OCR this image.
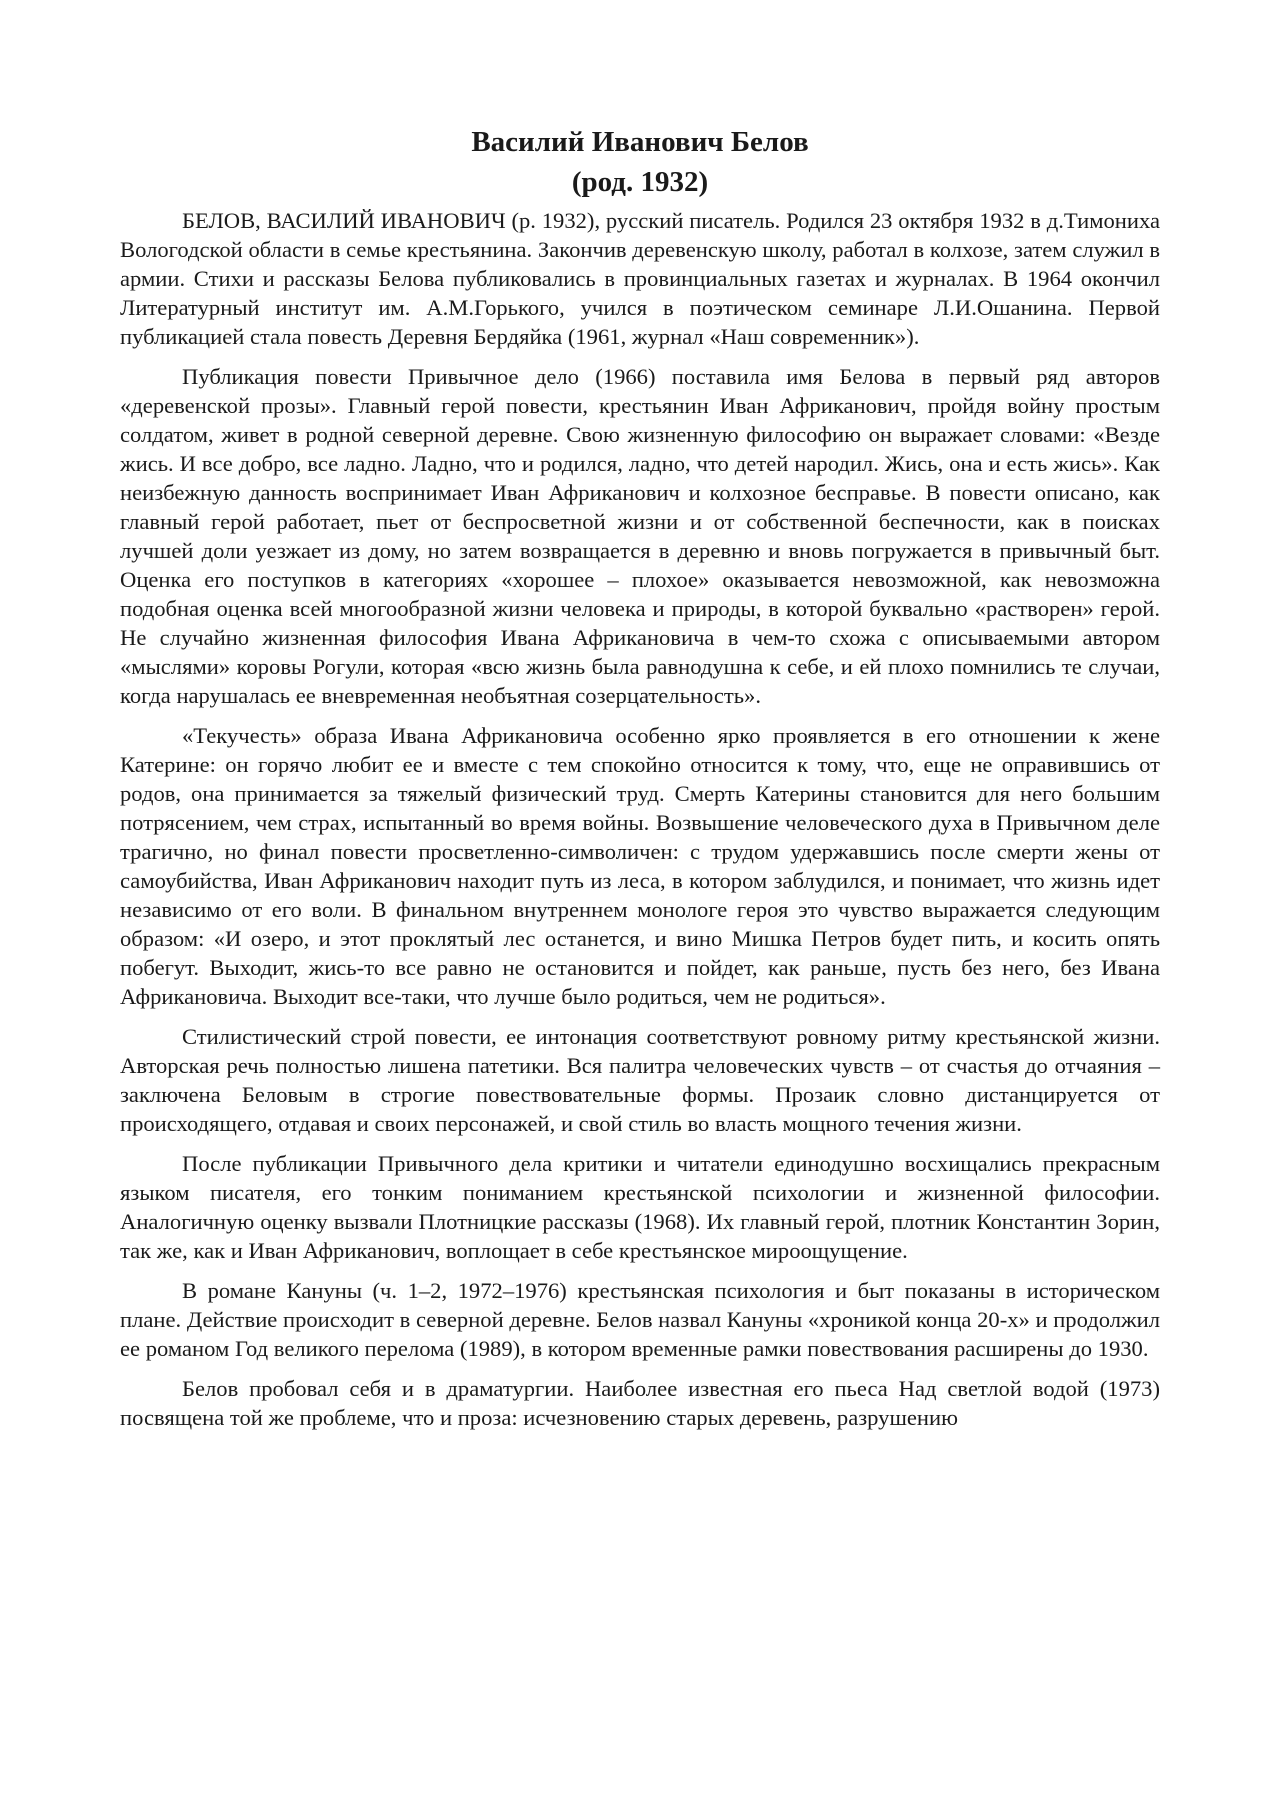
Василий Иванович Белов
(род. 1932)

БЕЛОВ, ВАСИЛИЙ ИВАНОВИЧ (р. 1932), русский писатель. Родился 23 октября 1932 в д.Тимониха Вологодской области в семье крестьянина. Закончив деревенскую школу, работал в колхозе, затем служил в армии. Стихи и рассказы Белова публиковались в провинциальных газетах и журналах. В 1964 окончил Литературный институт им. А.М.Горького, учился в поэтическом семинаре Л.И.Ошанина. Первой публикацией стала повесть Деревня Бердяйка (1961, журнал «Наш современник»).

Публикация повести Привычное дело (1966) поставила имя Белова в первый ряд авторов «деревенской прозы». Главный герой повести, крестьянин Иван Африканович, пройдя войну простым солдатом, живет в родной северной деревне. Свою жизненную философию он выражает словами: «Везде жись. И все добро, все ладно. Ладно, что и родился, ладно, что детей народил. Жись, она и есть жись». Как неизбежную данность воспринимает Иван Африканович и колхозное бесправье. В повести описано, как главный герой работает, пьет от беспросветной жизни и от собственной беспечности, как в поисках лучшей доли уезжает из дому, но затем возвращается в деревню и вновь погружается в привычный быт. Оценка его поступков в категориях «хорошее – плохое» оказывается невозможной, как невозможна подобная оценка всей многообразной жизни человека и природы, в которой буквально «растворен» герой. Не случайно жизненная философия Ивана Африкановича в чем-то схожа с описываемыми автором «мыслями» коровы Рогули, которая «всю жизнь была равнодушна к себе, и ей плохо помнились те случаи, когда нарушалась ее вневременная необъятная созерцательность».

«Текучесть» образа Ивана Африкановича особенно ярко проявляется в его отношении к жене Катерине: он горячо любит ее и вместе с тем спокойно относится к тому, что, еще не оправившись от родов, она принимается за тяжелый физический труд. Смерть Катерины становится для него большим потрясением, чем страх, испытанный во время войны. Возвышение человеческого духа в Привычном деле трагично, но финал повести просветленно-символичен: с трудом удержавшись после смерти жены от самоубийства, Иван Африканович находит путь из леса, в котором заблудился, и понимает, что жизнь идет независимо от его воли. В финальном внутреннем монологе героя это чувство выражается следующим образом: «И озеро, и этот проклятый лес останется, и вино Мишка Петров будет пить, и косить опять побегут. Выходит, жись-то все равно не остановится и пойдет, как раньше, пусть без него, без Ивана Африкановича. Выходит все-таки, что лучше было родиться, чем не родиться».

Стилистический строй повести, ее интонация соответствуют ровному ритму крестьянской жизни. Авторская речь полностью лишена патетики. Вся палитра человеческих чувств – от счастья до отчаяния – заключена Беловым в строгие повествовательные формы. Прозаик словно дистанцируется от происходящего, отдавая и своих персонажей, и свой стиль во власть мощного течения жизни.

После публикации Привычного дела критики и читатели единодушно восхищались прекрасным языком писателя, его тонким пониманием крестьянской психологии и жизненной философии. Аналогичную оценку вызвали Плотницкие рассказы (1968). Их главный герой, плотник Константин Зорин, так же, как и Иван Африканович, воплощает в себе крестьянское мироощущение.

В романе Кануны (ч. 1–2, 1972–1976) крестьянская психология и быт показаны в историческом плане. Действие происходит в северной деревне. Белов назвал Кануны «хроникой конца 20-х» и продолжил ее романом Год великого перелома (1989), в котором временные рамки повествования расширены до 1930.

Белов пробовал себя и в драматургии. Наиболее известная его пьеса Над светлой водой (1973) посвящена той же проблеме, что и проза: исчезновению старых деревень, разрушению
